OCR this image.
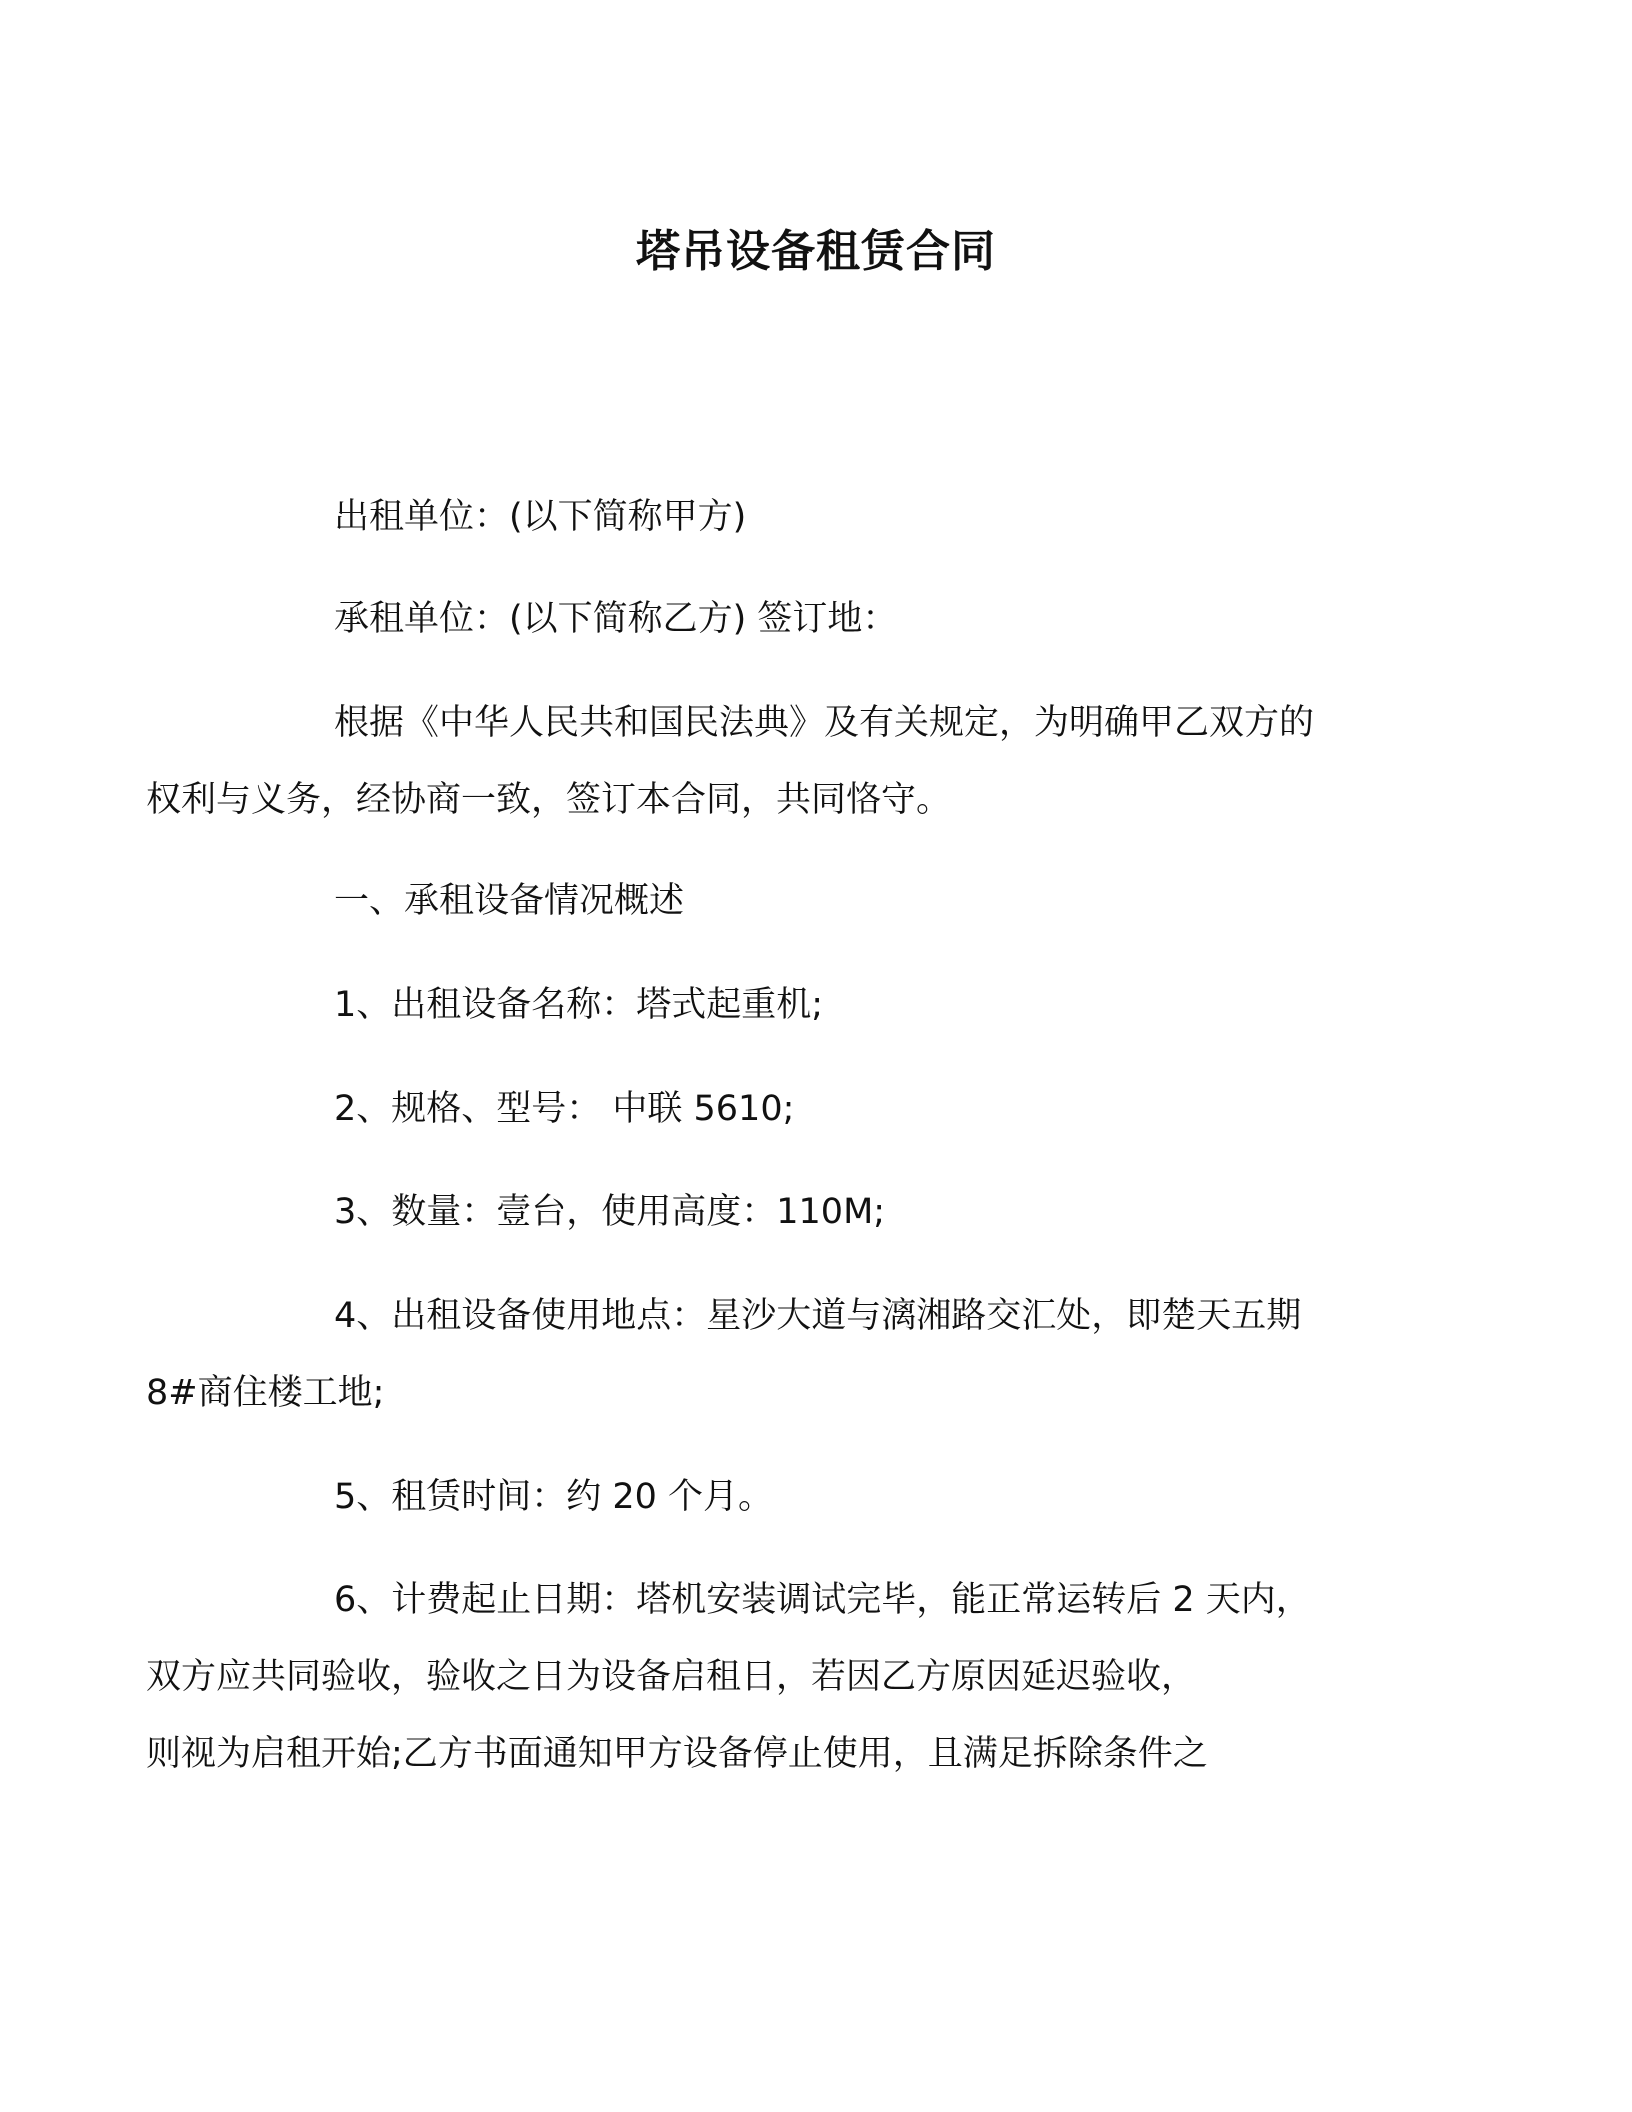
塔吊设备租赁合同

出租单位：(以下简称甲方)

承租单位：(以下简称乙方) 签订地：

根据《中华人民共和国民法典》及有关规定，为明确甲乙双方的
权利与义务，经协商一致，签订本合同，共同恪守。

一、承租设备情况概述

1、出租设备名称：塔式起重机;

2、规格、型号： 中联 5610;

3、数量：壹台，使用高度：110M;

4、出租设备使用地点：星沙大道与漓湘路交汇处，即楚天五期
8#商住楼工地;

5、租赁时间：约 20 个月。

6、计费起止日期：塔机安装调试完毕，能正常运转后 2 天内，
双方应共同验收，验收之日为设备启租日，若因乙方原因延迟验收，
则视为启租开始;乙方书面通知甲方设备停止使用，且满足拆除条件之
